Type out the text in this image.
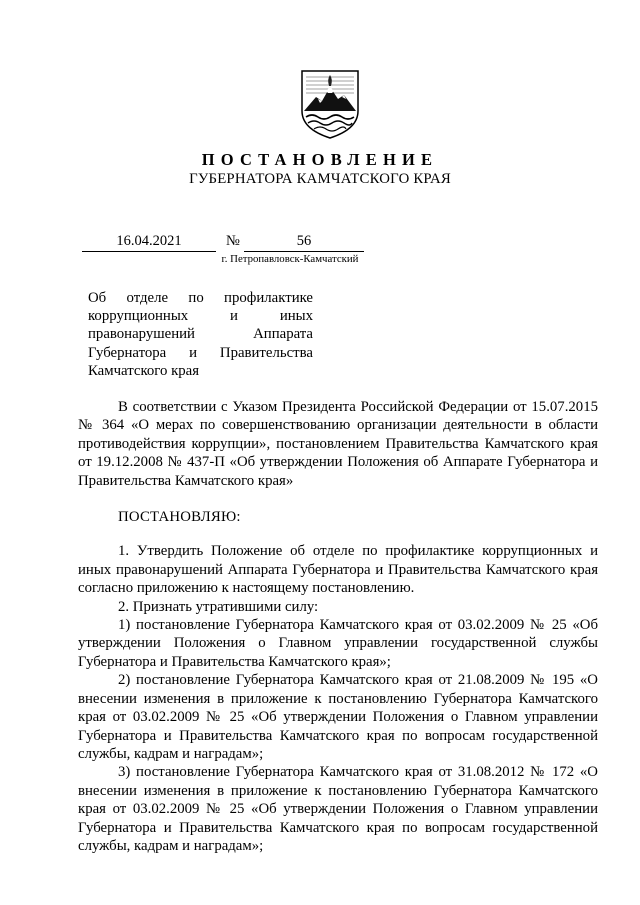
ПОСТАНОВЛЕНИЕ
ГУБЕРНАТОРА КАМЧАТСКОГО КРАЯ
16.04.2021	№	56
г. Петропавловск-Камчатский
Об отделе по профилактике коррупционных и иных правонарушений Аппарата Губернатора и Правительства Камчатского края

В соответствии с Указом Президента Российской Федерации от 15.07.2015 № 364 «О мерах по совершенствованию организации деятельности в области противодействия коррупции», постановлением Правительства Камчатского края от 19.12.2008 № 437-П «Об утверждении Положения об Аппарате Губернатора и Правительства Камчатского края»

ПОСТАНОВЛЯЮ:

1. Утвердить Положение об отделе по профилактике коррупционных и иных правонарушений Аппарата Губернатора и Правительства Камчатского края согласно приложению к настоящему постановлению.

2. Признать утратившими силу:

1) постановление Губернатора Камчатского края от 03.02.2009 № 25 «Об утверждении Положения о Главном управлении государственной службы Губернатора и Правительства Камчатского края»;

2) постановление Губернатора Камчатского края от 21.08.2009 № 195 «О внесении изменения в приложение к постановлению Губернатора Камчатского края от 03.02.2009 № 25 «Об утверждении Положения о Главном управлении Губернатора и Правительства Камчатского края по вопросам государственной службы, кадрам и наградам»;

3) постановление Губернатора Камчатского края от 31.08.2012 № 172 «О внесении изменения в приложение к постановлению Губернатора Камчатского края от 03.02.2009 № 25 «Об утверждении Положения о Главном управлении Губернатора и Правительства Камчатского края по вопросам государственной службы, кадрам и наградам»;
